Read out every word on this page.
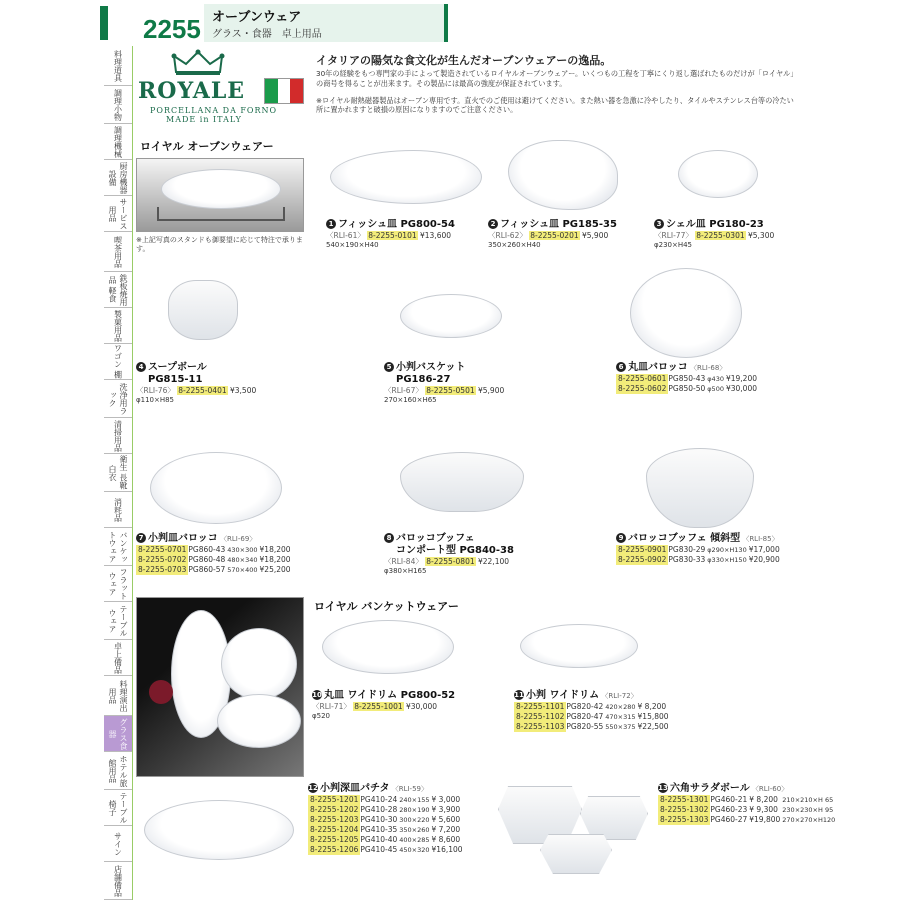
2255 オーブンウェア
グラス・食器　卓上用品
料理道具
調理小物
調理機械
厨房機器設備
サービス用品
喫茶用品
鉄板焼用品 軽食
製菓用品
ワゴン 棚
洗浄用ラック
清掃用品
衛生 長靴白衣
消耗品
バンケットウェア
フラットウェア
テーブルウェア
卓上備品
料理演出用品
グラス食器
ホテル旅館用品
テーブル椅子
サイン
店舗備品
ROYALE
PORCELLANA DA FORNO
MADE in ITALY
イタリアの陽気な食文化が生んだオーブンウェアーの逸品。
30年の経験をもつ専門家の手によって製造されているロイヤルオーブンウェアー。いくつもの工程を丁寧にくり返し選ばれたものだけが「ロイヤル」の商号を得ることが出来ます。その製品には最高の強度が保証されています。
※ロイヤル耐熱磁器製品はオーブン専用です。直火でのご使用は避けてください。また熱い器を急激に冷やしたり、タイルやステンレス台等の冷たい所に置かれますと破損の原因になりますのでご注意ください。
ロイヤル オーブンウェアー
※上記写真のスタンドも御要望に応じて特注で承ります。
ロイヤル バンケットウェアー
1 フィッシュ皿 PG800-54
〈RLI-61〉 8-2255-0101 ¥13,600
540×190×H40
2 フィッシュ皿 PG185-35
〈RLI-62〉 8-2255-0201 ¥5,900
350×260×H40
3 シェル皿 PG180-23
〈RLI-77〉 8-2255-0301 ¥5,300
φ230×H45
4 スープボール
PG815-11
〈RLI-76〉 8-2255-0401 ¥3,500
φ110×H85
5 小判バスケット
PG186-27
〈RLI-67〉 8-2255-0501 ¥5,900
270×160×H65
6 丸皿バロッコ 〈RLI-68〉
8-2255-0601	PG850-43	φ430	¥19,200
8-2255-0602	PG850-50	φ500	¥30,000
7 小判皿バロッコ 〈RLI-69〉
8-2255-0701	PG860-43	430×300	¥18,200
8-2255-0702	PG860-48	480×340	¥18,200
8-2255-0703	PG860-57	570×400	¥25,200
8 バロッコブッフェ
コンポート型 PG840-38
〈RLI-84〉 8-2255-0801 ¥22,100
φ380×H165
9 バロッコブッフェ 傾斜型 〈RLI-85〉
8-2255-0901	PG830-29	φ290×H130	¥17,000
8-2255-0902	PG830-33	φ330×H150	¥20,900
10 丸皿 ワイドリム PG800-52
〈RLI-71〉 8-2255-1001 ¥30,000
φ520
11 小判 ワイドリム 〈RLI-72〉
8-2255-1101	PG820-42	420×280	¥ 8,200
8-2255-1102	PG820-47	470×315	¥15,800
8-2255-1103	PG820-55	550×375	¥22,500
12 小判深皿パチタ 〈RLI-59〉
8-2255-1201	PG410-24	240×155	¥ 3,000
8-2255-1202	PG410-28	280×190	¥ 3,900
8-2255-1203	PG410-30	300×220	¥ 5,600
8-2255-1204	PG410-35	350×260	¥ 7,200
8-2255-1205	PG410-40	400×285	¥ 8,600
8-2255-1206	PG410-45	450×320	¥16,100
13 六角サラダボール 〈RLI-60〉
8-2255-1301	PG460-21	¥ 8,200	210×210×H 65
8-2255-1302	PG460-23	¥ 9,300	230×230×H 95
8-2255-1303	PG460-27	¥19,800	270×270×H120
